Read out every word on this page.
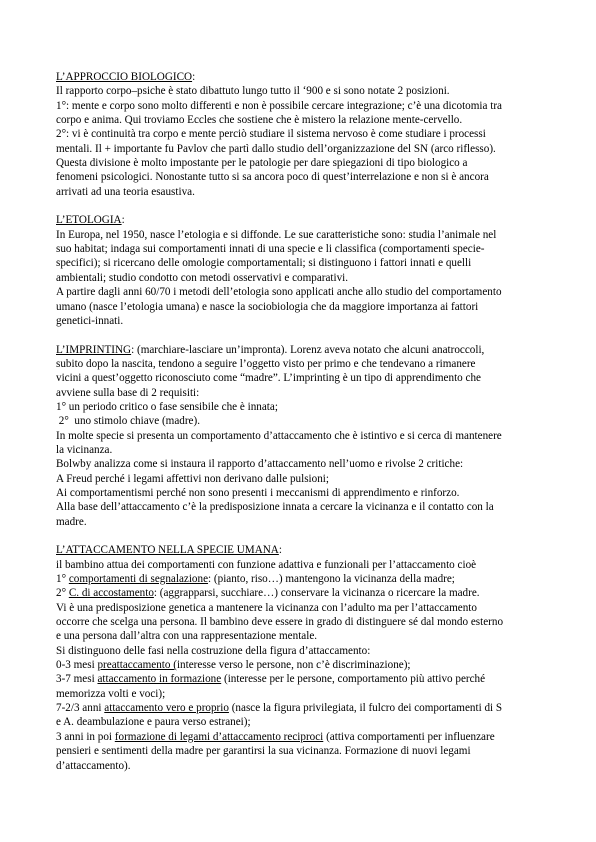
L’APPROCCIO BIOLOGICO:

Il rapporto corpo–psiche è stato dibattuto lungo tutto il ‘900 e si sono notate 2 posizioni.

1°: mente e corpo sono molto differenti e non è possibile cercare integrazione; c’è una dicotomia tra

corpo e anima. Qui troviamo Eccles che sostiene che è mistero la relazione mente-cervello.

2°: vi è continuità tra corpo e mente perciò studiare il sistema nervoso è come studiare i processi

mentali. Il + importante fu Pavlov che partì dallo studio dell’organizzazione del SN (arco riflesso).

Questa divisione è molto impostante per le patologie per dare spiegazioni di tipo biologico a

fenomeni psicologici. Nonostante tutto si sa ancora poco di quest’interrelazione e non si è ancora

arrivati ad una teoria esaustiva.

L’ETOLOGIA:

In Europa, nel 1950, nasce l’etologia e si diffonde. Le sue caratteristiche sono: studia l’animale nel

suo habitat; indaga sui comportamenti innati di una specie e li classifica (comportamenti specie-

specifici); si ricercano delle omologie comportamentali; si distinguono i fattori innati e quelli

ambientali; studio condotto con metodi osservativi e comparativi.

A partire dagli anni 60/70 i metodi dell’etologia sono applicati anche allo studio del comportamento

umano (nasce l’etologia umana) e nasce la sociobiologia che da maggiore importanza ai fattori

genetici-innati.

L’IMPRINTING: (marchiare-lasciare un’impronta). Lorenz aveva notato che alcuni anatroccoli,

subito dopo la nascita, tendono a seguire l’oggetto visto per primo e che tendevano a rimanere

vicini a quest’oggetto riconosciuto come “madre”. L’imprinting è un tipo di apprendimento che

avviene sulla base di 2 requisiti:

1° un periodo critico o fase sensibile che è innata;

2°  uno stimolo chiave (madre).

In molte specie si presenta un comportamento d’attaccamento che è istintivo e si cerca di mantenere

la vicinanza.

Bolwby analizza come si instaura il rapporto d’attaccamento nell’uomo e rivolse 2 critiche:

A Freud perché i legami affettivi non derivano dalle pulsioni;

Ai comportamentismi perché non sono presenti i meccanismi di apprendimento e rinforzo.

Alla base dell’attaccamento c’è la predisposizione innata a cercare la vicinanza e il contatto con la

madre.

L’ATTACCAMENTO NELLA SPECIE UMANA:

il bambino attua dei comportamenti con funzione adattiva e funzionali per l’attaccamento cioè

1° comportamenti di segnalazione: (pianto, riso…) mantengono la vicinanza della madre;

2° C. di accostamento: (aggrapparsi, succhiare…) conservare la vicinanza o ricercare la madre.

Vi è una predisposizione genetica a mantenere la vicinanza con l’adulto ma per l’attaccamento

occorre che scelga una persona. Il bambino deve essere in grado di distinguere sé dal mondo esterno

e una persona dall’altra con una rappresentazione mentale.

Si distinguono delle fasi nella costruzione della figura d’attaccamento:

0-3 mesi preattaccamento (interesse verso le persone, non c’è discriminazione);

3-7 mesi attaccamento in formazione (interesse per le persone, comportamento più attivo perché

memorizza volti e voci);

7-2/3 anni attaccamento vero e proprio (nasce la figura privilegiata, il fulcro dei comportamenti di S

e A. deambulazione e paura verso estranei);

3 anni in poi formazione di legami d’attaccamento reciproci (attiva comportamenti per influenzare

pensieri e sentimenti della madre per garantirsi la sua vicinanza. Formazione di nuovi legami

d’attaccamento).
